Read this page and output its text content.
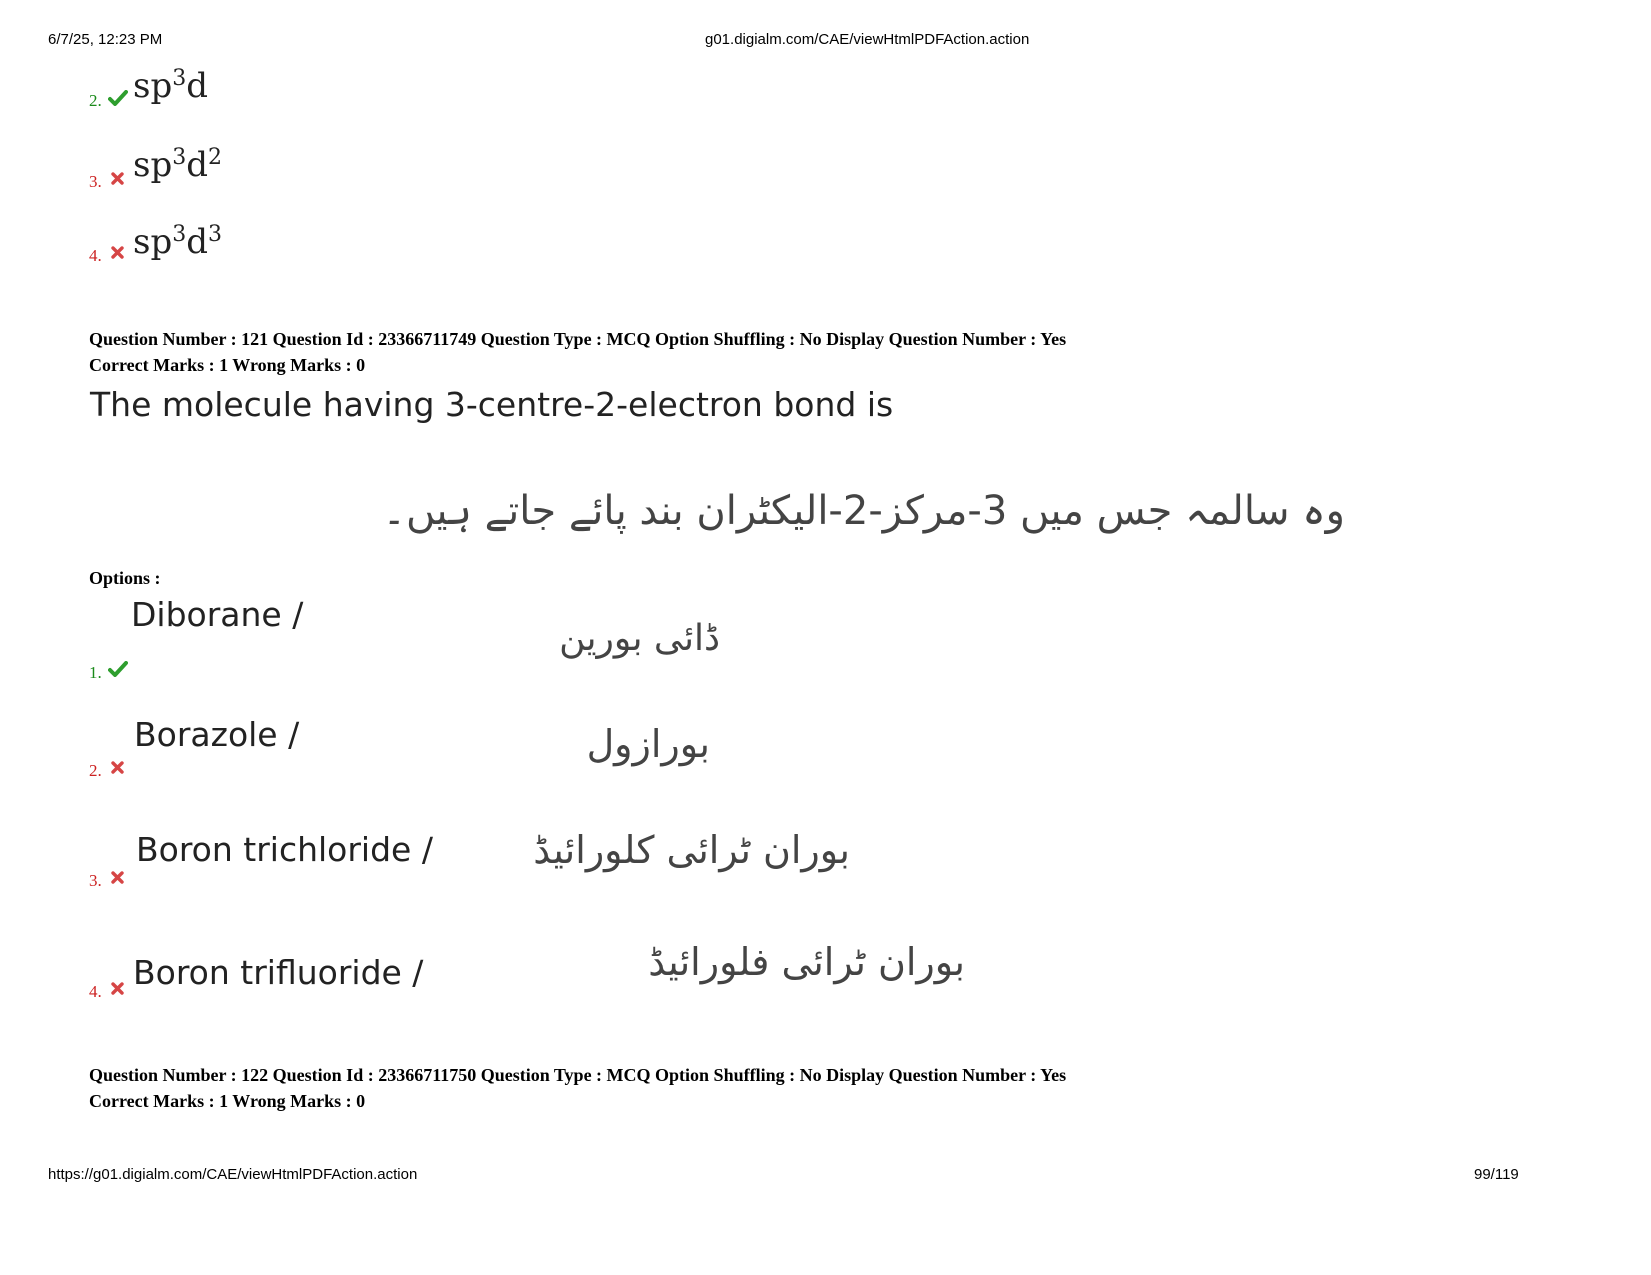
6/7/25, 12:23 PM	g01.digialm.com/CAE/viewHtmlPDFAction.action
2. $sp^3d$
3. $sp^3d^2$
4. $sp^3d^3$
Question Number : 121 Question Id : 23366711749 Question Type : MCQ Option Shuffling : No Display Question Number : Yes
Correct Marks : 1 Wrong Marks : 0
The molecule having 3-centre-2-electron bond is
وہ سالمہ جس میں 3-مرکز-2-الیکٹران بند پائے جاتے ہیں۔
Options :
Diborane /
ڈائی بورین
1.
Borazole /	بورازول
2.
Boron trichloride /	بوران ٹرائی کلورائیڈ
3.
4. Boron trifluoride /	بوران ٹرائی فلورائیڈ
Question Number : 122 Question Id : 23366711750 Question Type : MCQ Option Shuffling : No Display Question Number : Yes
Correct Marks : 1 Wrong Marks : 0
https://g01.digialm.com/CAE/viewHtmlPDFAction.action	99/119
